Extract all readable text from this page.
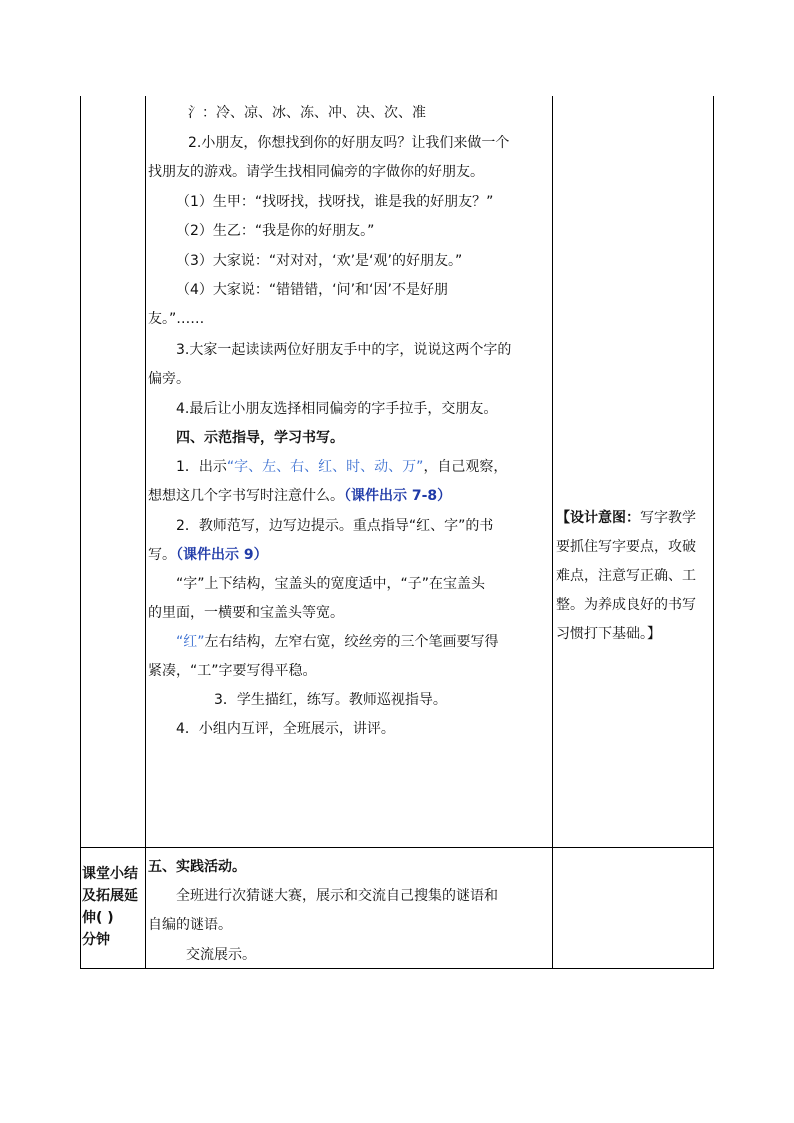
氵：冷、凉、冰、冻、冲、决、次、准
2.小朋友，你想找到你的好朋友吗？让我们来做一个
找朋友的游戏。请学生找相同偏旁的字做你的好朋友。
（1）生甲：“找呀找，找呀找，谁是我的好朋友？”
（2）生乙：“我是你的好朋友。”
（3）大家说：“对对对，‘欢’是‘观’的好朋友。”
（4）大家说：“错错错，‘问’和‘因’不是好朋
友。”……
3.大家一起读读两位好朋友手中的字，说说这两个字的
偏旁。
4.最后让小朋友选择相同偏旁的字手拉手，交朋友。
四、示范指导，学习书写。
1．出示“字、左、右、红、时、动、万”，自己观察，
想想这几个字书写时注意什么。（课件出示 7-8）
2．教师范写，边写边提示。重点指导“红、字”的书
写。（课件出示 9）
“字”上下结构，宝盖头的宽度适中，“子”在宝盖头
的里面，一横要和宝盖头等宽。
“红”左右结构，左窄右宽，绞丝旁的三个笔画要写得
紧凑，“工”字要写得平稳。
3．学生描红，练写。教师巡视指导。
4．小组内互评，全班展示，讲评。
【设计意图：写字教学
要抓住写字要点，攻破
难点，注意写正确、工
整。为养成良好的书写
习惯打下基础。】
课堂小结
及拓展延
伸( )
分钟
五、实践活动。
全班进行次猜谜大赛，展示和交流自己搜集的谜语和
自编的谜语。
交流展示。
